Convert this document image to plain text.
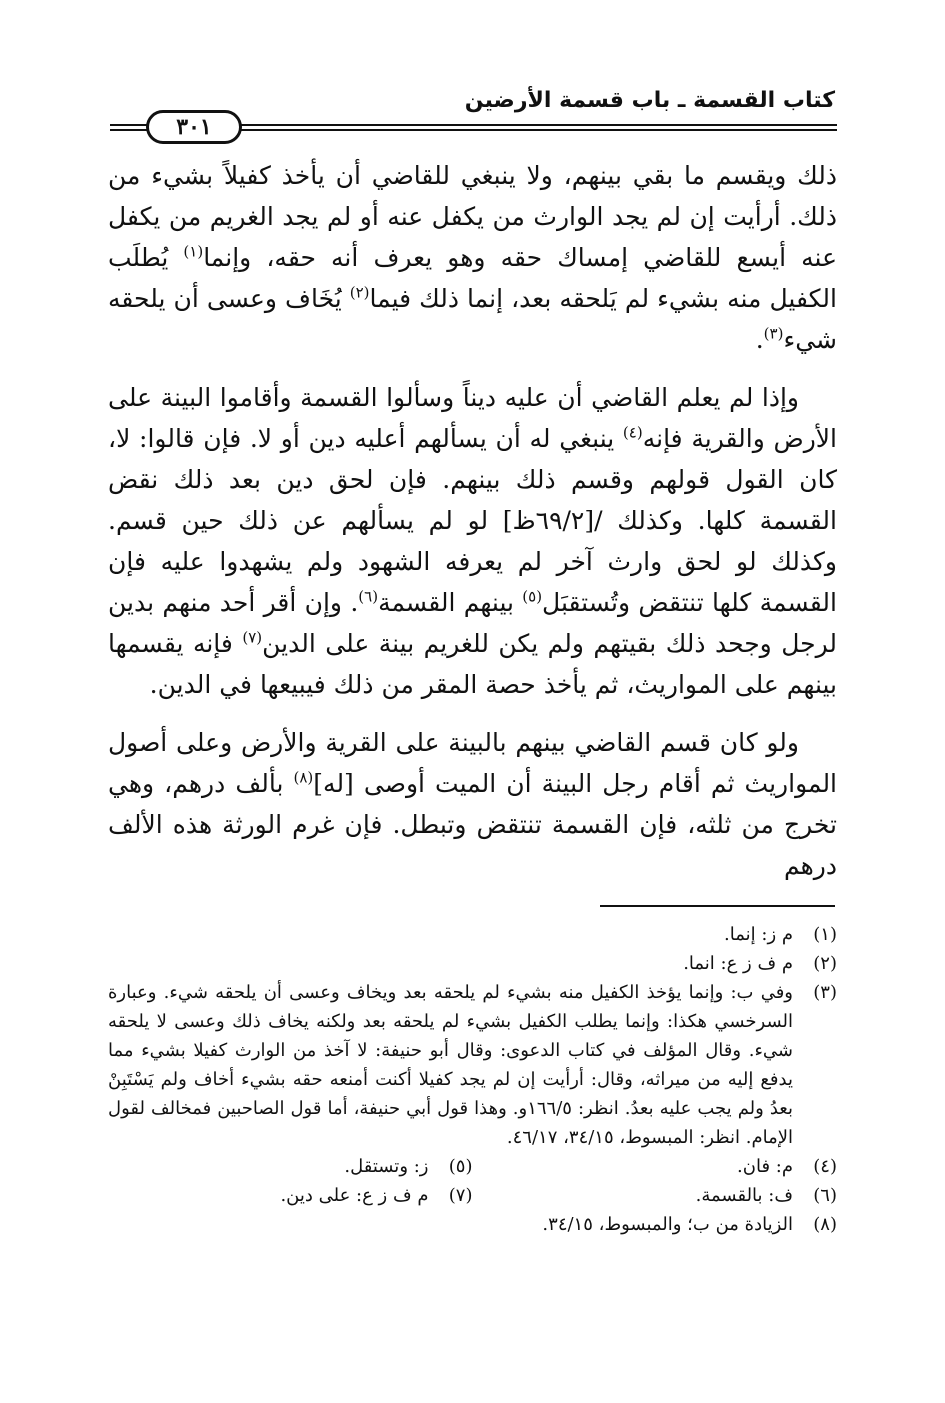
كتاب القسمة ـ باب قسمة الأرضين
٣٠١

ذلك ويقسم ما بقي بينهم، ولا ينبغي للقاضي أن يأخذ كفيلاً بشيء من ذلك. أرأيت إن لم يجد الوارث من يكفل عنه أو لم يجد الغريم من يكفل عنه أيسع للقاضي إمساك حقه وهو يعرف أنه حقه، وإنما$^{(١)}$ يُطلَب الكفيل منه بشيء لم يَلحقه بعد، إنما ذلك فيما$^{(٢)}$ يُخَاف وعسى أن يلحقه شيء$^{(٣)}$.

وإذا لم يعلم القاضي أن عليه ديناً وسألوا القسمة وأقاموا البينة على الأرض والقرية فإنه$^{(٤)}$ ينبغي له أن يسألهم أعليه دين أو لا. فإن قالوا: لا، كان القول قولهم وقسم ذلك بينهم. فإن لحق دين بعد ذلك نقض القسمة كلها. وكذلك /[٦٩/٢ظ] لو لم يسألهم عن ذلك حين قسم. وكذلك لو لحق وارث آخر لم يعرفه الشهود ولم يشهدوا عليه فإن القسمة كلها تنتقض وتُستقبَل$^{(٥)}$ بينهم القسمة$^{(٦)}$. وإن أقر أحد منهم بدين لرجل وجحد ذلك بقيتهم ولم يكن للغريم بينة على الدين$^{(٧)}$ فإنه يقسمها بينهم على المواريث، ثم يأخذ حصة المقر من ذلك فيبيعها في الدين.

ولو كان قسم القاضي بينهم بالبينة على القرية والأرض وعلى أصول المواريث ثم أقام رجل البينة أن الميت أوصى [له]$^{(٨)}$ بألف درهم، وهي تخرج من ثلثه، فإن القسمة تنتقض وتبطل. فإن غرم الورثة هذه الألف درهم

(١)
م ز: إنما.
(٢)
م ف ز ع: انما.
(٣)
وفي ب: وإنما يؤخذ الكفيل منه بشيء لم يلحقه بعد ويخاف وعسى أن يلحقه شيء. وعبارة السرخسي هكذا: وإنما يطلب الكفيل بشيء لم يلحقه بعد ولكنه يخاف ذلك وعسى لا يلحقه شيء. وقال المؤلف في كتاب الدعوى: وقال أبو حنيفة: لا آخذ من الوارث كفيلا بشيء مما يدفع إليه من ميراثه، وقال: أرأيت إن لم يجد كفيلا أكنت أمنعه حقه بشيء أخاف ولم يَسْتَبِنْ بعدُ ولم يجب عليه بعدُ. انظر: ١٦٦/٥و. وهذا قول أبي حنيفة، أما قول الصاحبين فمخالف لقول الإمام. انظر: المبسوط، ٣٤/١٥، ٤٦/١٧.
(٤)
م: فان.
(٥)
ز: وتستقل.
(٦)
ف: بالقسمة.
(٧)
م ف ز ع: على دين.
(٨)
الزيادة من ب؛ والمبسوط، ٣٤/١٥.
